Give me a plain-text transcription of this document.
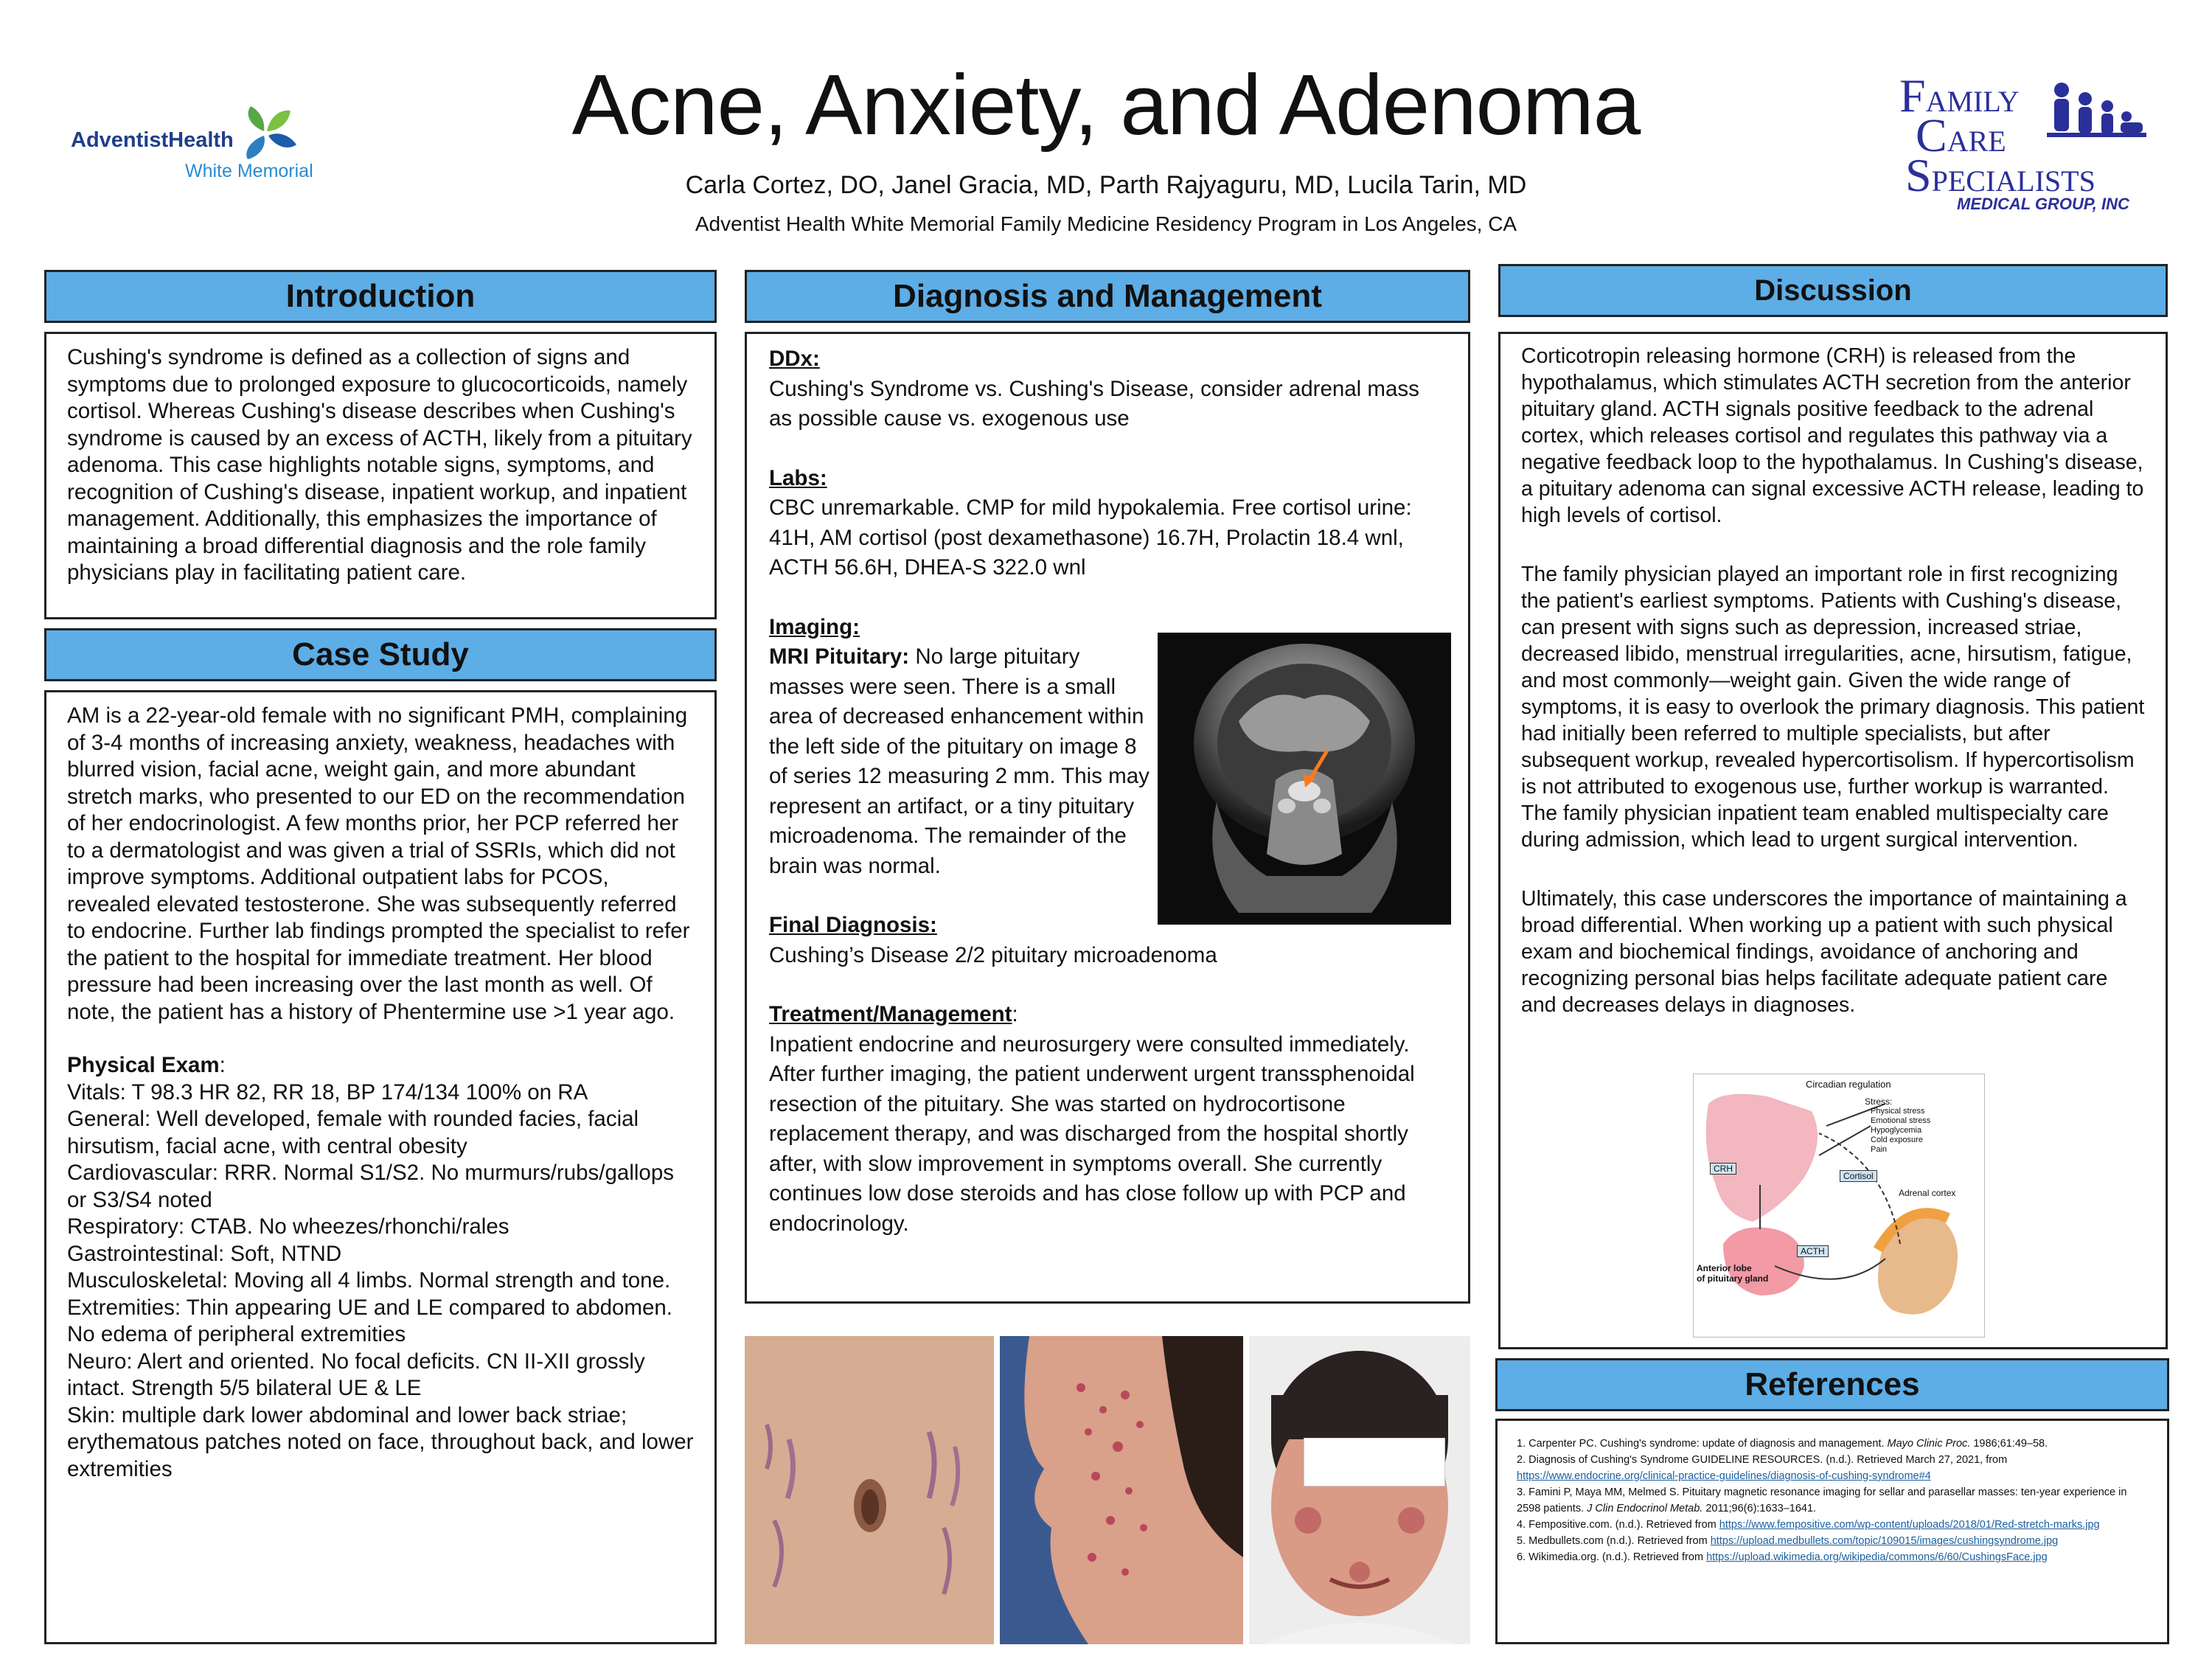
Acne, Anxiety, and Adenoma
Carla Cortez, DO, Janel Gracia, MD, Parth Rajyaguru, MD, Lucila Tarin, MD
Adventist Health White Memorial Family Medicine Residency Program in Los Angeles, CA
AdventistHealth
White Memorial
FAMILY
CARE
SPECIALISTS
MEDICAL GROUP, INC
Introduction

Cushing's syndrome is defined as a collection of signs and symptoms due to prolonged exposure to glucocorticoids, namely cortisol. Whereas Cushing's disease describes when Cushing's syndrome is caused by an excess of ACTH, likely from a pituitary adenoma. This case highlights notable signs, symptoms, and recognition of Cushing's disease, inpatient workup, and inpatient management. Additionally, this emphasizes the importance of maintaining a broad differential diagnosis and the role family physicians play in facilitating patient care.

Case Study

AM is a 22-year-old female with no significant PMH, complaining of 3-4 months of increasing anxiety, weakness, headaches with blurred vision, facial acne, weight gain, and more abundant stretch marks, who presented to our ED on the recommendation of her endocrinologist. A few months prior, her PCP referred her to a dermatologist and was given a trial of SSRIs, which did not improve symptoms. Additional outpatient labs for PCOS, revealed elevated testosterone. She was subsequently referred to endocrine. Further lab findings prompted the specialist to refer the patient to the hospital for immediate treatment. Her blood pressure had been increasing over the last month as well. Of note, the patient has a history of Phentermine use >1 year ago.

Physical Exam:

Vitals: T 98.3 HR 82, RR 18, BP 174/134 100% on RA

General: Well developed, female with rounded facies, facial hirsutism, facial acne, with central obesity

Cardiovascular: RRR. Normal S1/S2. No murmurs/rubs/gallops or S3/S4 noted

Respiratory: CTAB. No wheezes/rhonchi/rales

Gastrointestinal: Soft, NTND

Musculoskeletal: Moving all 4 limbs. Normal strength and tone.

Extremities: Thin appearing UE and LE compared to abdomen. No edema of peripheral extremities

Neuro: Alert and oriented. No focal deficits. CN II-XII grossly intact. Strength 5/5 bilateral UE & LE

Skin: multiple dark lower abdominal and lower back striae; erythematous patches noted on face, throughout back, and lower extremities

Diagnosis and Management

DDx:

Cushing's Syndrome vs. Cushing's Disease, consider adrenal mass as possible cause vs. exogenous use

Labs:

CBC unremarkable. CMP for mild hypokalemia. Free cortisol urine: 41H, AM cortisol (post dexamethasone) 16.7H, Prolactin 18.4 wnl, ACTH 56.6H, DHEA-S 322.0 wnl

Imaging:

MRI Pituitary: No large pituitary masses were seen. There is a small area of decreased enhancement within the left side of the pituitary on image 8 of series 12 measuring 2 mm. This may represent an artifact, or a tiny pituitary microadenoma. The remainder of the brain was normal.

Final Diagnosis:

Cushing’s Disease 2/2 pituitary microadenoma

Treatment/Management:

Inpatient endocrine and neurosurgery were consulted immediately. After further imaging, the patient underwent urgent transsphenoidal resection of the pituitary. She was started on hydrocortisone replacement therapy, and was discharged from the hospital shortly after, with slow improvement in symptoms overall. She currently continues low dose steroids and has close follow up with PCP and endocrinology.

Discussion

Corticotropin releasing hormone (CRH) is released from the hypothalamus, which stimulates ACTH secretion from the anterior pituitary gland. ACTH signals positive feedback to the adrenal cortex, which releases cortisol and regulates this pathway via a negative feedback loop to the hypothalamus. In Cushing's disease, a pituitary adenoma can signal excessive ACTH release, leading to high levels of cortisol.

The family physician played an important role in first recognizing the patient's earliest symptoms. Patients with Cushing's disease, can present with signs such as depression, increased striae, decreased libido, menstrual irregularities, acne, hirsutism, fatigue, and most commonly—weight gain. Given the wide range of symptoms, it is easy to overlook the primary diagnosis. This patient had initially been referred to multiple specialists, but after subsequent workup, revealed hypercortisolism. If hypercortisolism is not attributed to exogenous use, further workup is warranted. The family physician inpatient team enabled multispecialty care during admission, which lead to urgent surgical intervention.

Ultimately, this case underscores the importance of maintaining a broad differential. When working up a patient with such physical exam and biochemical findings, avoidance of anchoring and recognizing personal bias helps facilitate adequate patient care and decreases delays in diagnoses.

Circadian regulation
Stress:
Physical stress
Emotional stress
Hypoglycemia
Cold exposure
Pain
CRH
ACTH
Cortisol
Adrenal cortex
Anterior lobe
of pituitary gland
References

1. Carpenter PC. Cushing's syndrome: update of diagnosis and management. Mayo Clinic Proc. 1986;61:49–58.

2. Diagnosis of Cushing's Syndrome GUIDELINE RESOURCES. (n.d.). Retrieved March 27, 2021, from https://www.endocrine.org/clinical-practice-guidelines/diagnosis-of-cushing-syndrome#4

3. Famini P, Maya MM, Melmed S. Pituitary magnetic resonance imaging for sellar and parasellar masses: ten-year experience in 2598 patients. J Clin Endocrinol Metab. 2011;96(6):1633–1641.

4. Fempositive.com. (n.d.). Retrieved from https://www.fempositive.com/wp-content/uploads/2018/01/Red-stretch-marks.jpg

5. Medbullets.com (n.d.). Retrieved from https://upload.medbullets.com/topic/109015/images/cushingsyndrome.jpg

6. Wikimedia.org. (n.d.). Retrieved from https://upload.wikimedia.org/wikipedia/commons/6/60/CushingsFace.jpg
